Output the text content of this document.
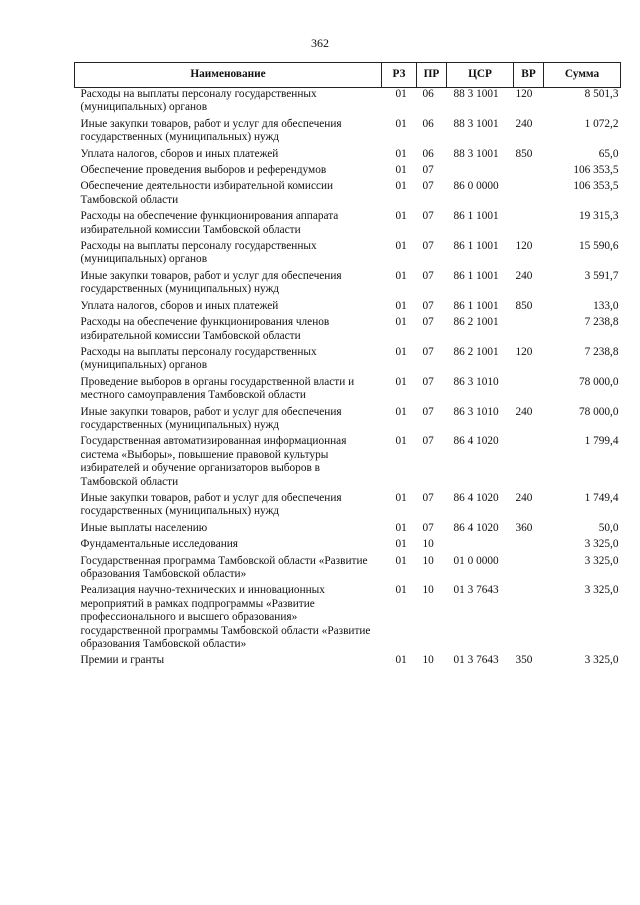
362
Наименование	РЗ	ПР	ЦСР	ВР	Сумма
Расходы на выплаты персоналу государственных (муниципальных) органов	01	06	88 3 1001	120	8 501,3
Иные закупки товаров, работ и услуг для обеспечения государственных (муниципальных) нужд	01	06	88 3 1001	240	1 072,2
Уплата налогов, сборов и иных платежей	01	06	88 3 1001	850	65,0
Обеспечение проведения выборов и референдумов	01	07			106 353,5
Обеспечение деятельности избирательной комиссии Тамбовской области	01	07	86 0 0000		106 353,5
Расходы на обеспечение функционирования аппарата избирательной комиссии Тамбовской области	01	07	86 1 1001		19 315,3
Расходы на выплаты персоналу государственных (муниципальных) органов	01	07	86 1 1001	120	15 590,6
Иные закупки товаров, работ и услуг для обеспечения государственных (муниципальных) нужд	01	07	86 1 1001	240	3 591,7
Уплата налогов, сборов и иных платежей	01	07	86 1 1001	850	133,0
Расходы на обеспечение функционирования членов избирательной комиссии Тамбовской области	01	07	86 2 1001		7 238,8
Расходы на выплаты персоналу государственных (муниципальных) органов	01	07	86 2 1001	120	7 238,8
Проведение выборов в органы государственной власти и местного самоуправления Тамбовской области	01	07	86 3 1010		78 000,0
Иные закупки товаров, работ и услуг для обеспечения государственных (муниципальных) нужд	01	07	86 3 1010	240	78 000,0
Государственная автоматизированная информационная система «Выборы», повышение правовой культуры избирателей и обучение организаторов выборов в Тамбовской области	01	07	86 4 1020		1 799,4
Иные закупки товаров, работ и услуг для обеспечения государственных (муниципальных) нужд	01	07	86 4 1020	240	1 749,4
Иные выплаты населению	01	07	86 4 1020	360	50,0
Фундаментальные исследования	01	10			3 325,0
Государственная программа Тамбовской области «Развитие образования Тамбовской области»	01	10	01 0 0000		3 325,0
Реализация научно-технических и инновационных мероприятий в рамках подпрограммы «Развитие профессионального и высшего образования» государственной программы Тамбовской области «Развитие образования Тамбовской области»	01	10	01 3 7643		3 325,0
Премии и гранты	01	10	01 3 7643	350	3 325,0
